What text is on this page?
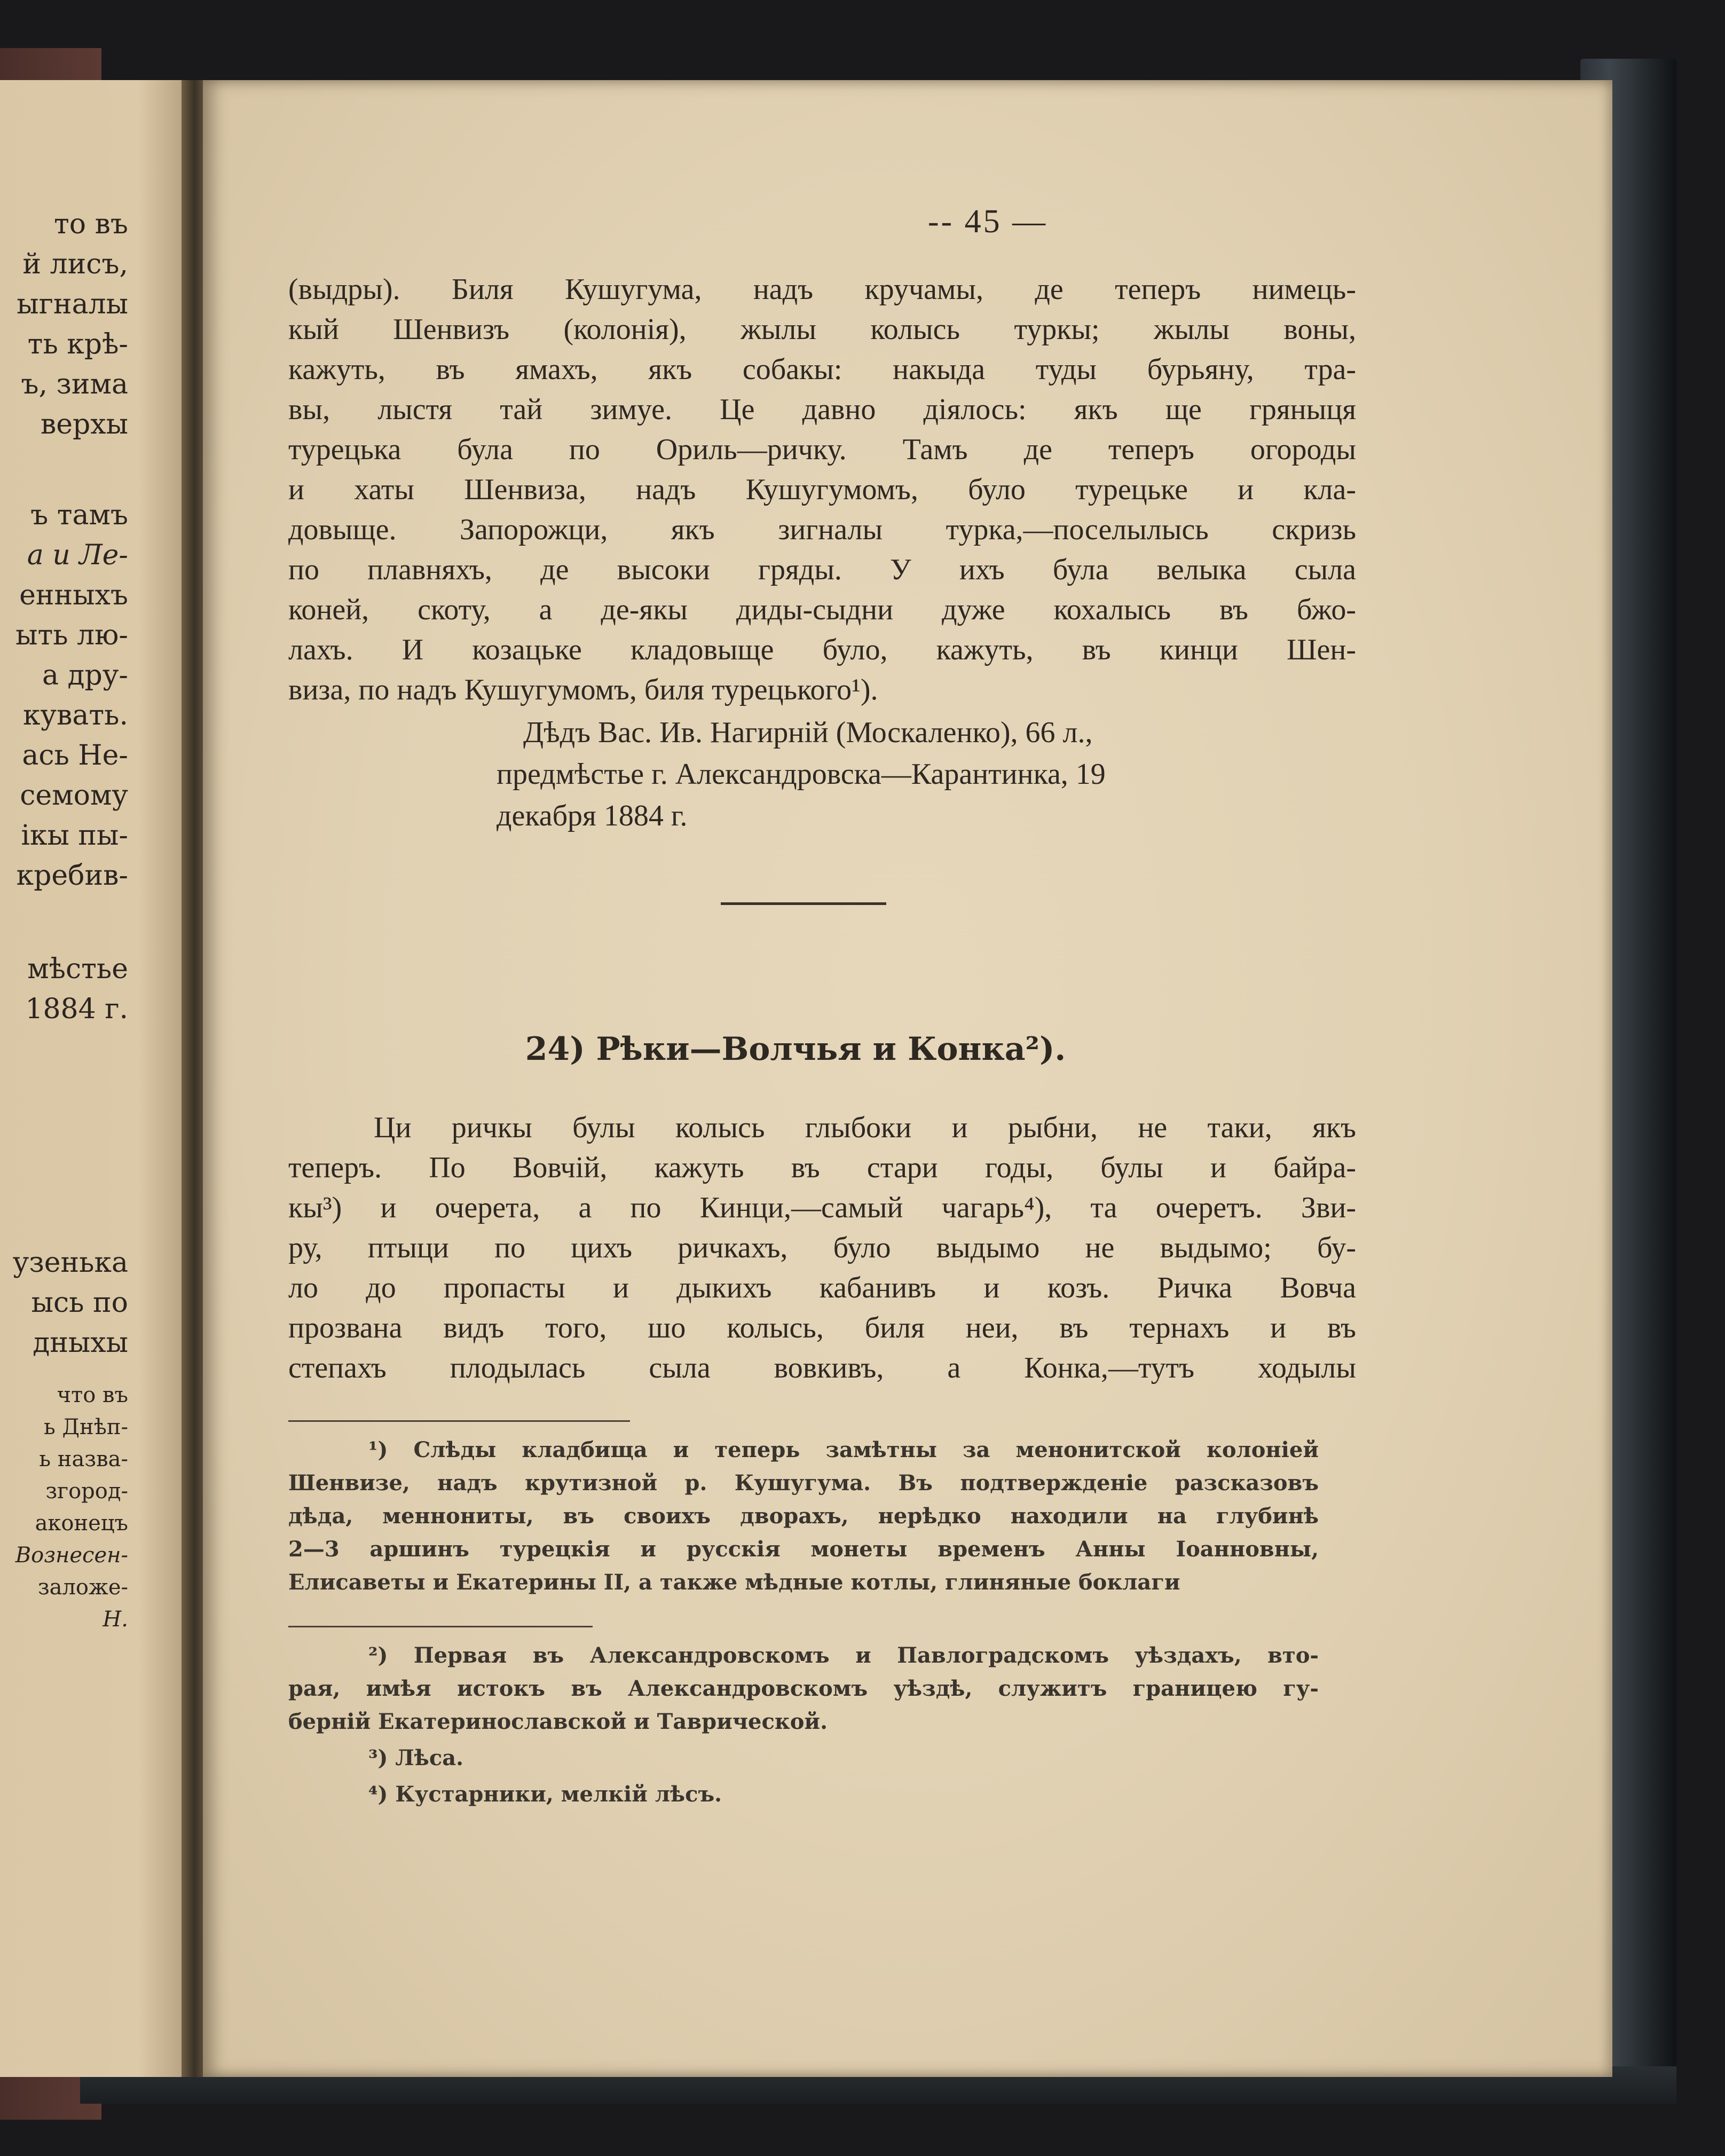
то въ
й лисъ,
ыгналы
ть крѣ-
ъ, зима
верхы
ъ тамъ
а и Ле-
енныхъ
ыть лю-
а дру-
кувать.
ась Не-
семому
ікы пы-
кребив-
мѣстье
1884 г.
узенька
ысь по
дныхы
что въ
ь Днѣп-
ь назва-
згород-
аконецъ
Вознесен-
заложе-
Н.
-- 45 —
(выдры). Биля Кушугума, надъ кручамы, де теперъ нимець-
кый Шенвизъ (колонія), жылы колысь туркы; жылы воны,
кажуть, въ ямахъ, якъ собакы: накыда туды бурьяну, тра-
вы, лыстя тай зимуе. Це давно діялось: якъ ще гряныця
турецька була по Ориль—ричку. Тамъ де теперъ огороды
и хаты Шенвиза, надъ Кушугумомъ, було турецьке и кла-
довыще. Запорожци, якъ зигналы турка,—поселылысь скризь
по плавняхъ, де высоки гряды. У ихъ була велыка сыла
коней, скоту, а де-якы диды-сыдни дуже кохалысь въ бжо-
лахъ. И козацьке кладовыще було, кажуть, въ кинци Шен-
виза, по надъ Кушугумомъ, биля турецького¹).
Дѣдъ Вас. Ив. Нагирній (Москаленко), 66 л.,
предмѣстье г. Александровска—Карантинка, 19
декабря 1884 г.
24) Рѣки—Волчья и Конка²).
Ци ричкы булы колысь глыбоки и рыбни, не таки, якъ
теперъ. По Вовчій, кажуть въ стари годы, булы и байра-
кы³) и очерета, а по Кинци,—самый чагарь⁴), та очеретъ. Зви-
ру, птыци по цихъ ричкахъ, було выдымо не выдымо; бу-
ло до пропасты и дыкихъ кабанивъ и козъ. Ричка Вовча
прозвана видъ того, шо колысь, биля неи, въ тернахъ и въ
степахъ плодылась сыла вовкивъ, а Конка,—тутъ ходылы
¹) Слѣды кладбища и теперь замѣтны за менонитской колоніей
Шенвизе, надъ крутизной р. Кушугума. Въ подтвержденіе разсказовъ
дѣда, меннониты, въ своихъ дворахъ, нерѣдко находили на глубинѣ
2—3 аршинъ турецкія и русскія монеты временъ Анны Іоанновны,
Елисаветы и Екатерины II, а также мѣдные котлы, глиняные боклаги
²) Первая въ Александровскомъ и Павлоградскомъ уѣздахъ, вто-
рая, имѣя истокъ въ Александровскомъ уѣздѣ, служитъ границею гу-
берній Екатеринославской и Таврической.
³) Лѣса.
⁴) Кустарники, мелкій лѣсъ.
